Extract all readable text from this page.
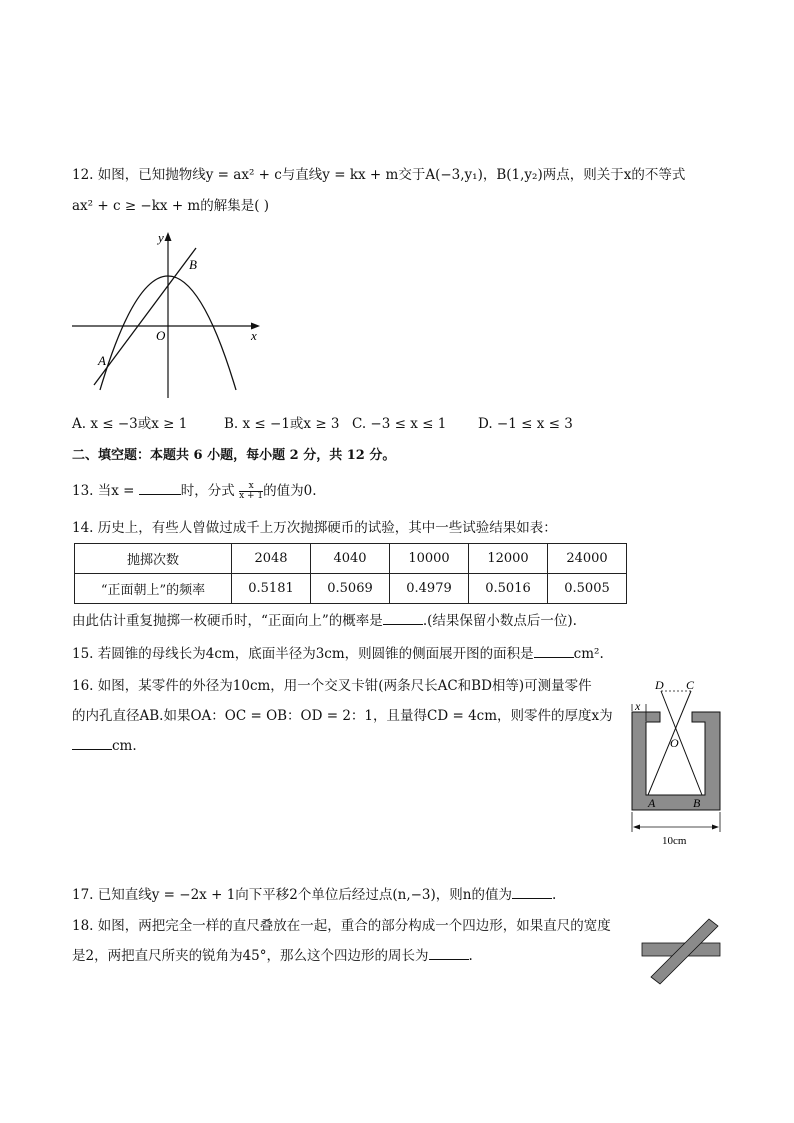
12. 如图，已知抛物线y = ax² + c与直线y = kx + m交于A(−3,y₁)，B(1,y₂)两点，则关于x的不等式
ax² + c ≥ −kx + m的解集是( )
y
x
O
A
B
A. x ≤ −3或x ≥ 1	B. x ≤ −1或x ≥ 3 C. −3 ≤ x ≤ 1 D. −1 ≤ x ≤ 3
二、填空题：本题共 6 小题，每小题 2 分，共 12 分。
13. 当x =	时，分式 $\frac{x}{x + 1}$ 的值为0.
14. 历史上，有些人曾做过成千上万次抛掷硬币的试验，其中一些试验结果如表：
抛掷次数	2048	4040	10000	12000	24000
“正面朝上”的频率	0.5181	0.5069	0.4979	0.5016	0.5005
由此估计重复抛掷一枚硬币时，“正面向上”的概率是	.(结果保留小数点后一位).
15. 若圆锥的母线长为4cm，底面半径为3cm，则圆锥的侧面展开图的面积是	cm².
16. 如图，某零件的外径为10cm，用一个交叉卡钳(两条尺长AC和BD相等)可测量零件
的内孔直径AB.如果OA：OC = OB：OD = 2：1，且量得CD = 4cm，则零件的厚度x为
cm.
D C
x
O
A	B
10cm
17. 已知直线y = −2x + 1向下平移2个单位后经过点(n,−3)，则n的值为	.
18. 如图，两把完全一样的直尺叠放在一起，重合的部分构成一个四边形，如果直尺的宽度
是2，两把直尺所夹的锐角为45°，那么这个四边形的周长为	.
